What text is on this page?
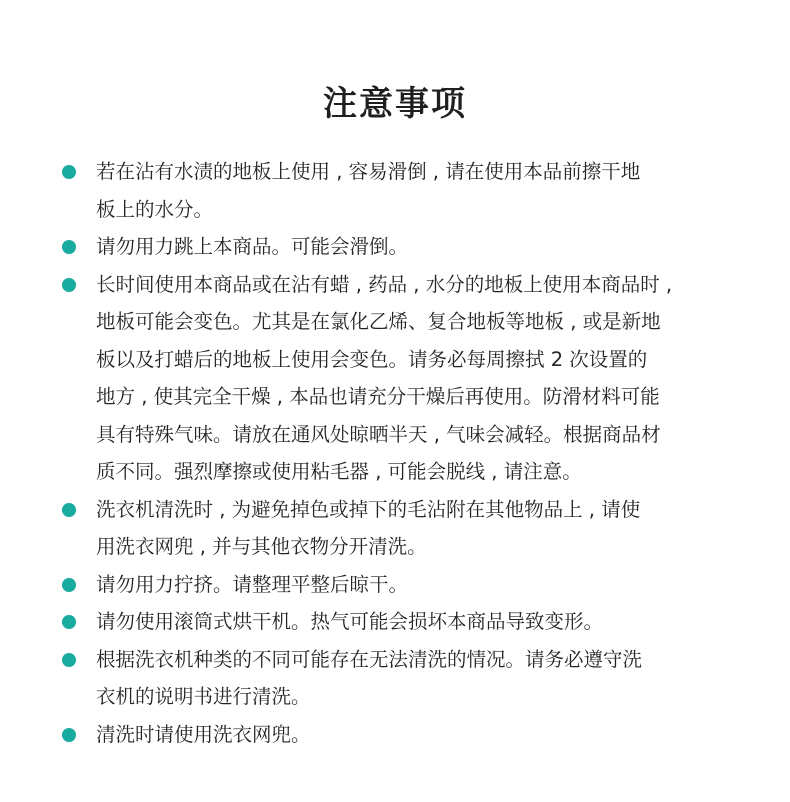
注意事项
若在沾有水渍的地板上使用 , 容易滑倒 , 请在使用本品前擦干地
板上的水分。
请勿用力跳上本商品。可能会滑倒。
长时间使用本商品或在沾有蜡 , 药品 , 水分的地板上使用本商品时 ,
地板可能会变色。尤其是在氯化乙烯、复合地板等地板 , 或是新地
板以及打蜡后的地板上使用会变色。请务必每周擦拭 2 次设置的
地方 , 使其完全干燥 , 本品也请充分干燥后再使用。防滑材料可能
具有特殊气味。请放在通风处晾晒半天 , 气味会减轻。根据商品材
质不同。强烈摩擦或使用粘毛器 , 可能会脱线 , 请注意。
洗衣机清洗时 , 为避免掉色或掉下的毛沾附在其他物品上 , 请使
用洗衣网兜 , 并与其他衣物分开清洗。
请勿用力拧挤。请整理平整后晾干。
请勿使用滚筒式烘干机。热气可能会损坏本商品导致变形。
根据洗衣机种类的不同可能存在无法清洗的情况。请务必遵守洗
衣机的说明书进行清洗。
清洗时请使用洗衣网兜。
